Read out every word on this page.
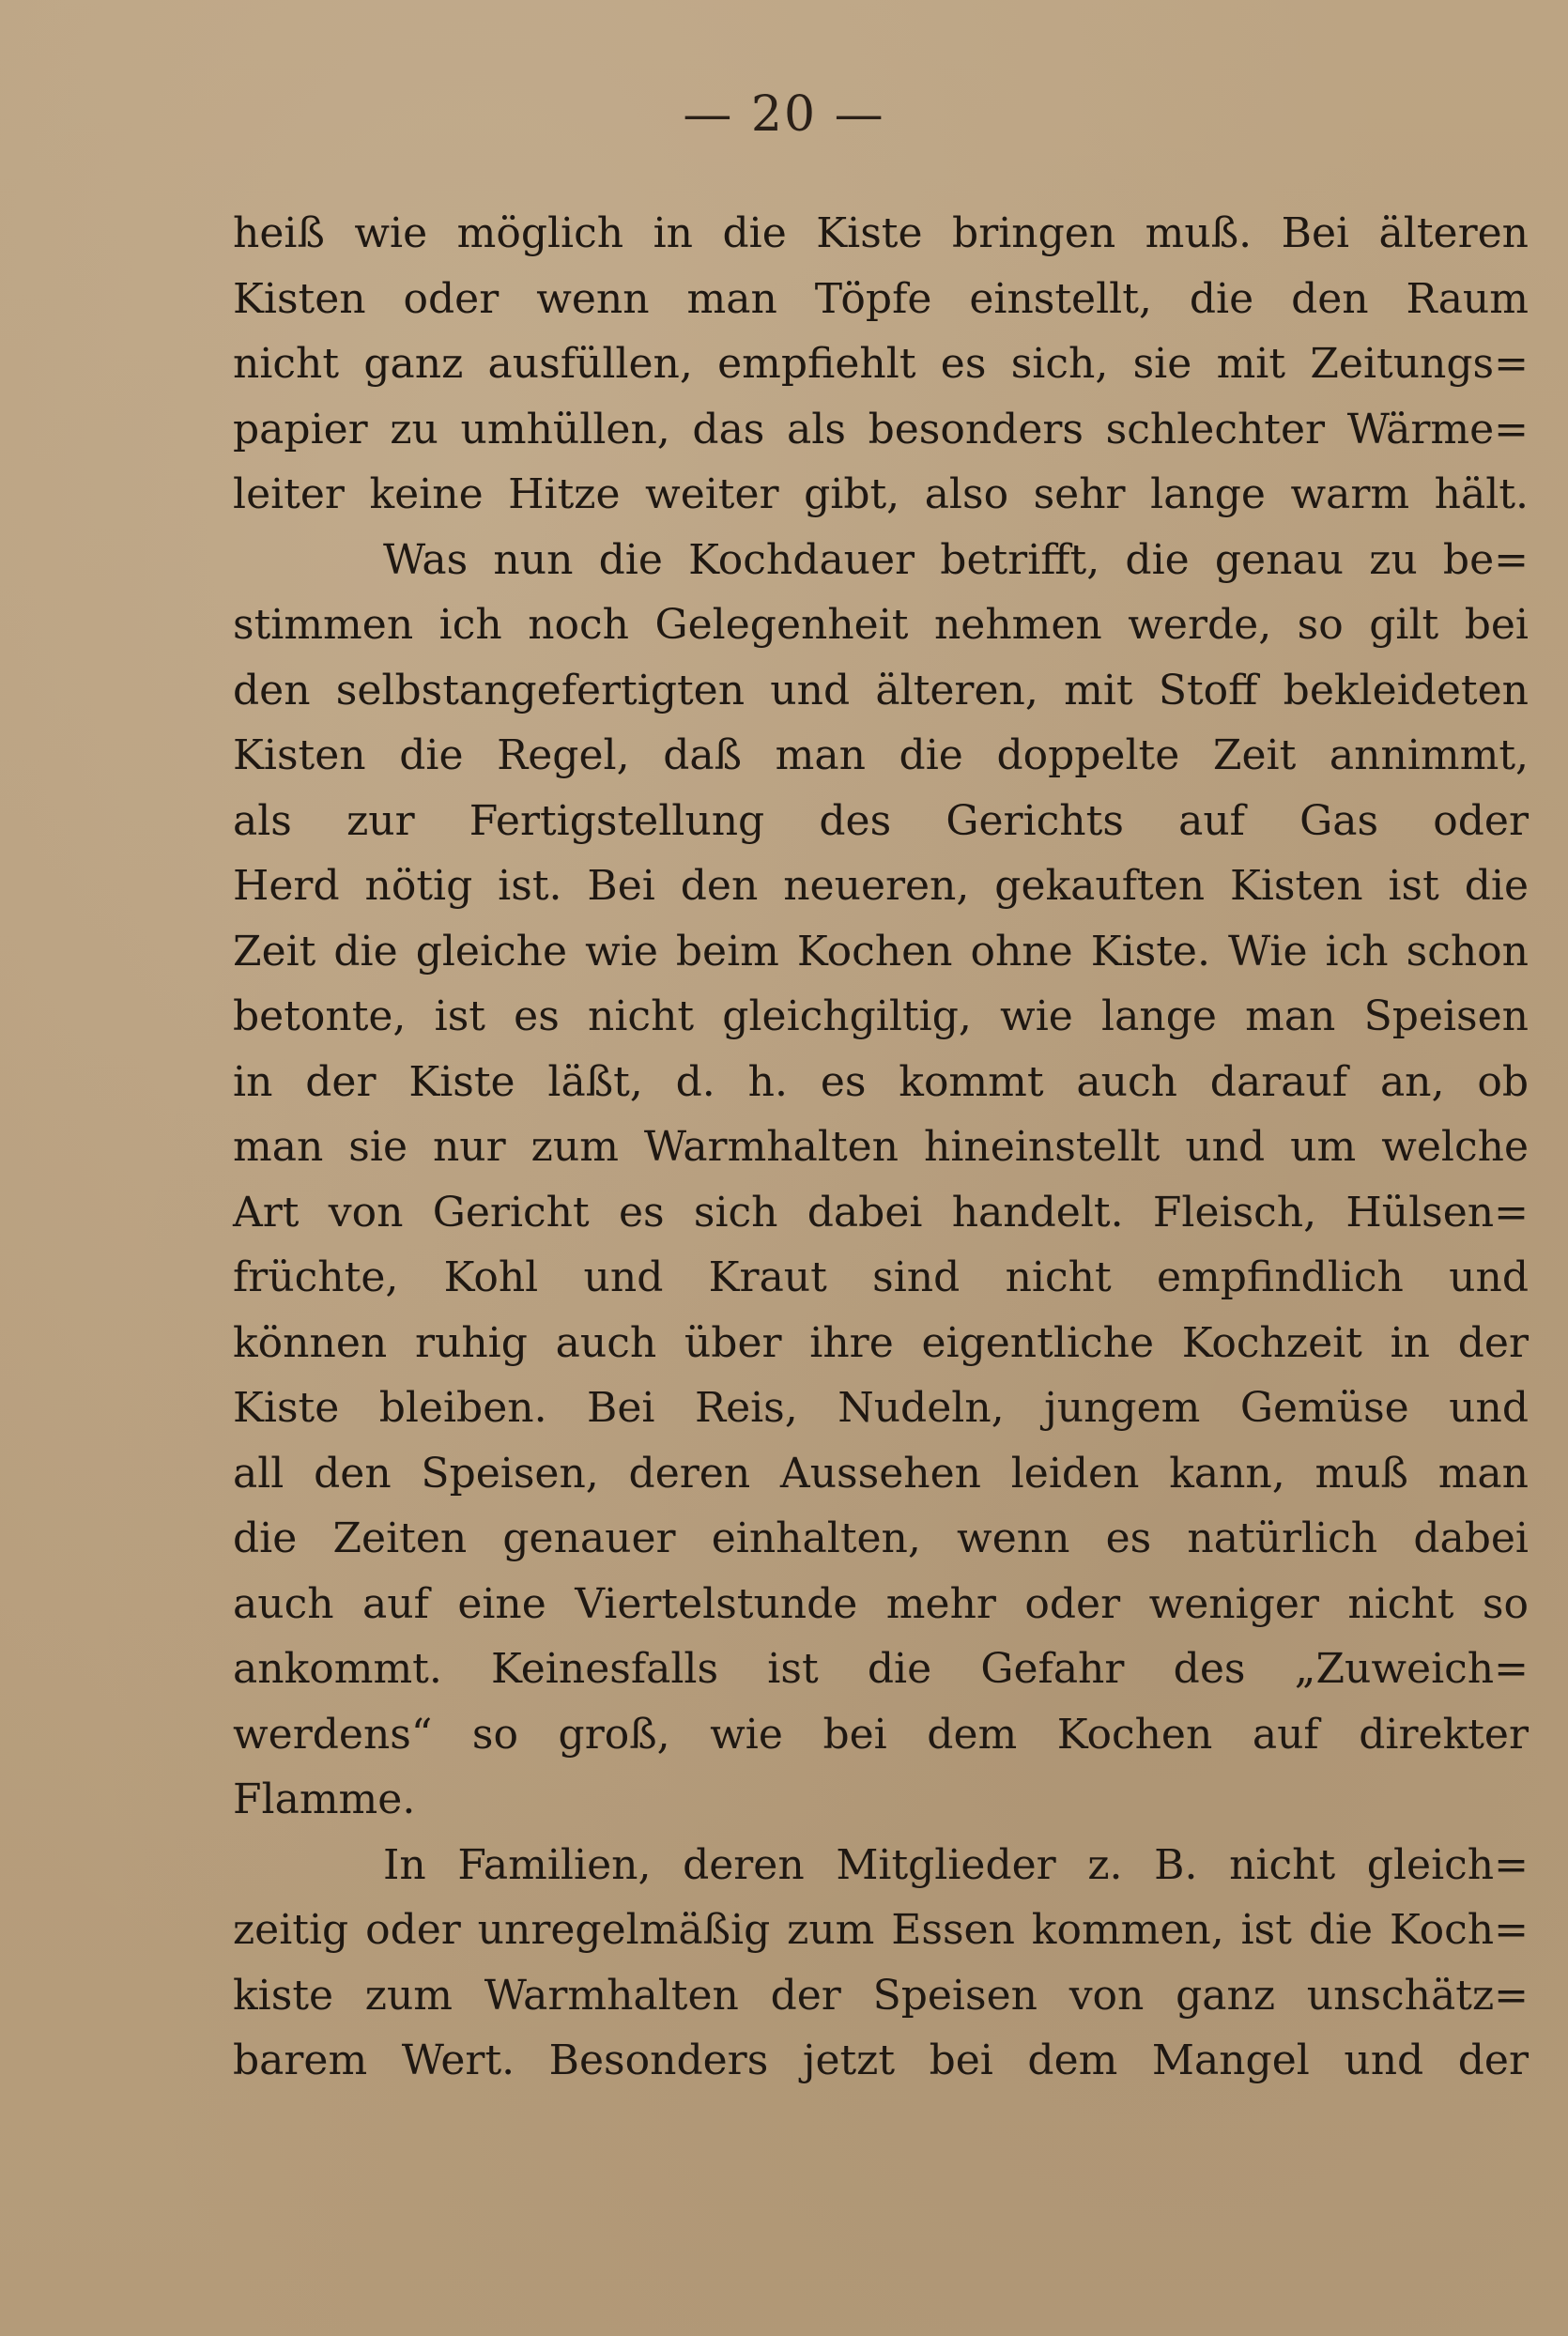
— 20 —
heiß wie möglich in die Kiste bringen muß. Bei älteren
Kisten oder wenn man Töpfe einstellt, die den Raum
nicht ganz ausfüllen, empfiehlt es sich, sie mit Zeitungs=
papier zu umhüllen, das als besonders schlechter Wärme=
leiter keine Hitze weiter gibt, also sehr lange warm hält.
Was nun die Kochdauer betrifft, die genau zu be=
stimmen ich noch Gelegenheit nehmen werde, so gilt bei
den selbstangefertigten und älteren, mit Stoff bekleideten
Kisten die Regel, daß man die doppelte Zeit annimmt,
als zur Fertigstellung des Gerichts auf Gas oder
Herd nötig ist. Bei den neueren, gekauften Kisten ist die
Zeit die gleiche wie beim Kochen ohne Kiste. Wie ich schon
betonte, ist es nicht gleichgiltig, wie lange man Speisen
in der Kiste läßt, d. h. es kommt auch darauf an, ob
man sie nur zum Warmhalten hineinstellt und um welche
Art von Gericht es sich dabei handelt. Fleisch, Hülsen=
früchte, Kohl und Kraut sind nicht empfindlich und
können ruhig auch über ihre eigentliche Kochzeit in der
Kiste bleiben. Bei Reis, Nudeln, jungem Gemüse und
all den Speisen, deren Aussehen leiden kann, muß man
die Zeiten genauer einhalten, wenn es natürlich dabei
auch auf eine Viertelstunde mehr oder weniger nicht so
ankommt. Keinesfalls ist die Gefahr des „Zuweich=
werdens“ so groß, wie bei dem Kochen auf direkter
Flamme.
In Familien, deren Mitglieder z. B. nicht gleich=
zeitig oder unregelmäßig zum Essen kommen, ist die Koch=
kiste zum Warmhalten der Speisen von ganz unschätz=
barem Wert. Besonders jetzt bei dem Mangel und der
